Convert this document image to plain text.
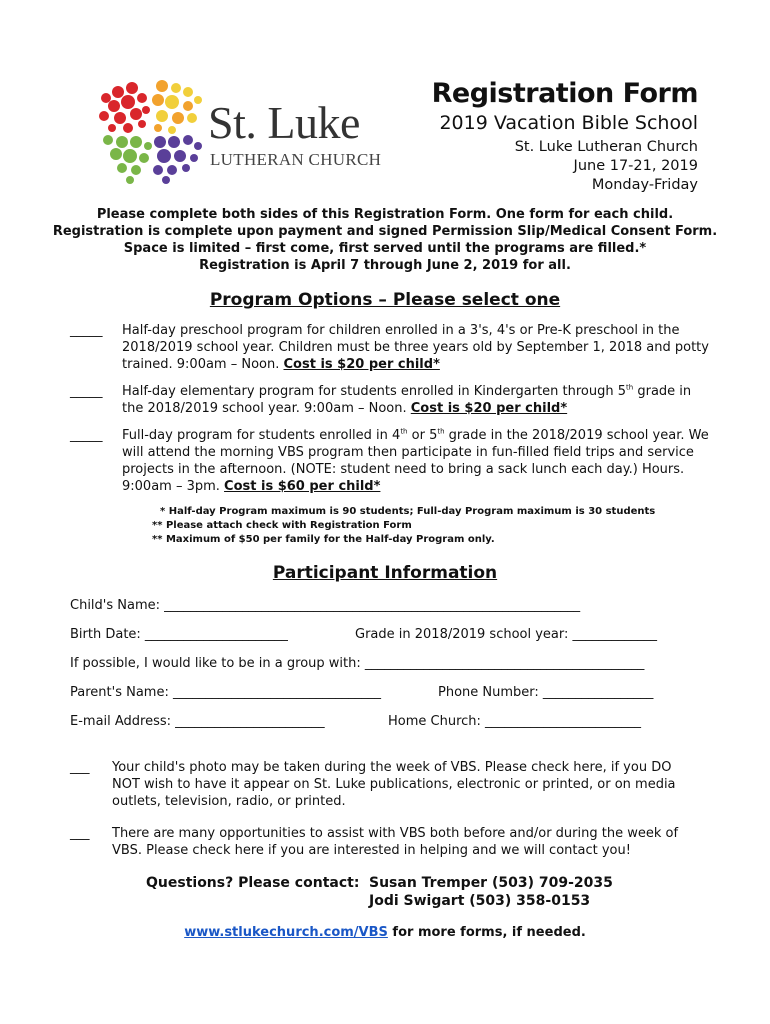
St. Luke
LUTHERAN CHURCH
Registration Form
2019 Vacation Bible School
St. Luke Lutheran Church
June 17-21, 2019
Monday-Friday
Please complete both sides of this Registration Form. One form for each child.
Registration is complete upon payment and signed Permission Slip/Medical Consent Form.
Space is limited – first come, first served until the programs are filled.*
Registration is April 7 through June 2, 2019 for all.
Program Options – Please select one
_____ Half-day preschool program for children enrolled in a 3's, 4's or Pre-K preschool in the 2018/2019 school year. Children must be three years old by September 1, 2018 and potty trained. 9:00am – Noon. Cost is $20 per child*
_____ Half-day elementary program for students enrolled in Kindergarten through 5th grade in the 2018/2019 school year. 9:00am – Noon. Cost is $20 per child*
_____ Full-day program for students enrolled in 4th or 5th grade in the 2018/2019 school year. We will attend the morning VBS program then participate in fun-filled field trips and service projects in the afternoon. (NOTE: student need to bring a sack lunch each day.) Hours. 9:00am – 3pm. Cost is $60 per child*
* Half-day Program maximum is 90 students; Full-day Program maximum is 30 students
** Please attach check with Registration Form
** Maximum of $50 per family for the Half-day Program only.
Participant Information
Child's Name: ________________________________________________________________
Birth Date: ______________________	Grade in 2018/2019 school year: _____________
If possible, I would like to be in a group with: ___________________________________________
Parent's Name: ________________________________	Phone Number: _________________
E-mail Address: _______________________	Home Church: ________________________
___ Your child's photo may be taken during the week of VBS. Please check here, if you DO NOT wish to have it appear on St. Luke publications, electronic or printed, or on media outlets, television, radio, or printed.
___ There are many opportunities to assist with VBS both before and/or during the week of VBS. Please check here if you are interested in helping and we will contact you!
Questions? Please contact: Susan Tremper (503) 709-2035
Jodi Swigart (503) 358-0153
www.stlukechurch.com/VBS for more forms, if needed.
